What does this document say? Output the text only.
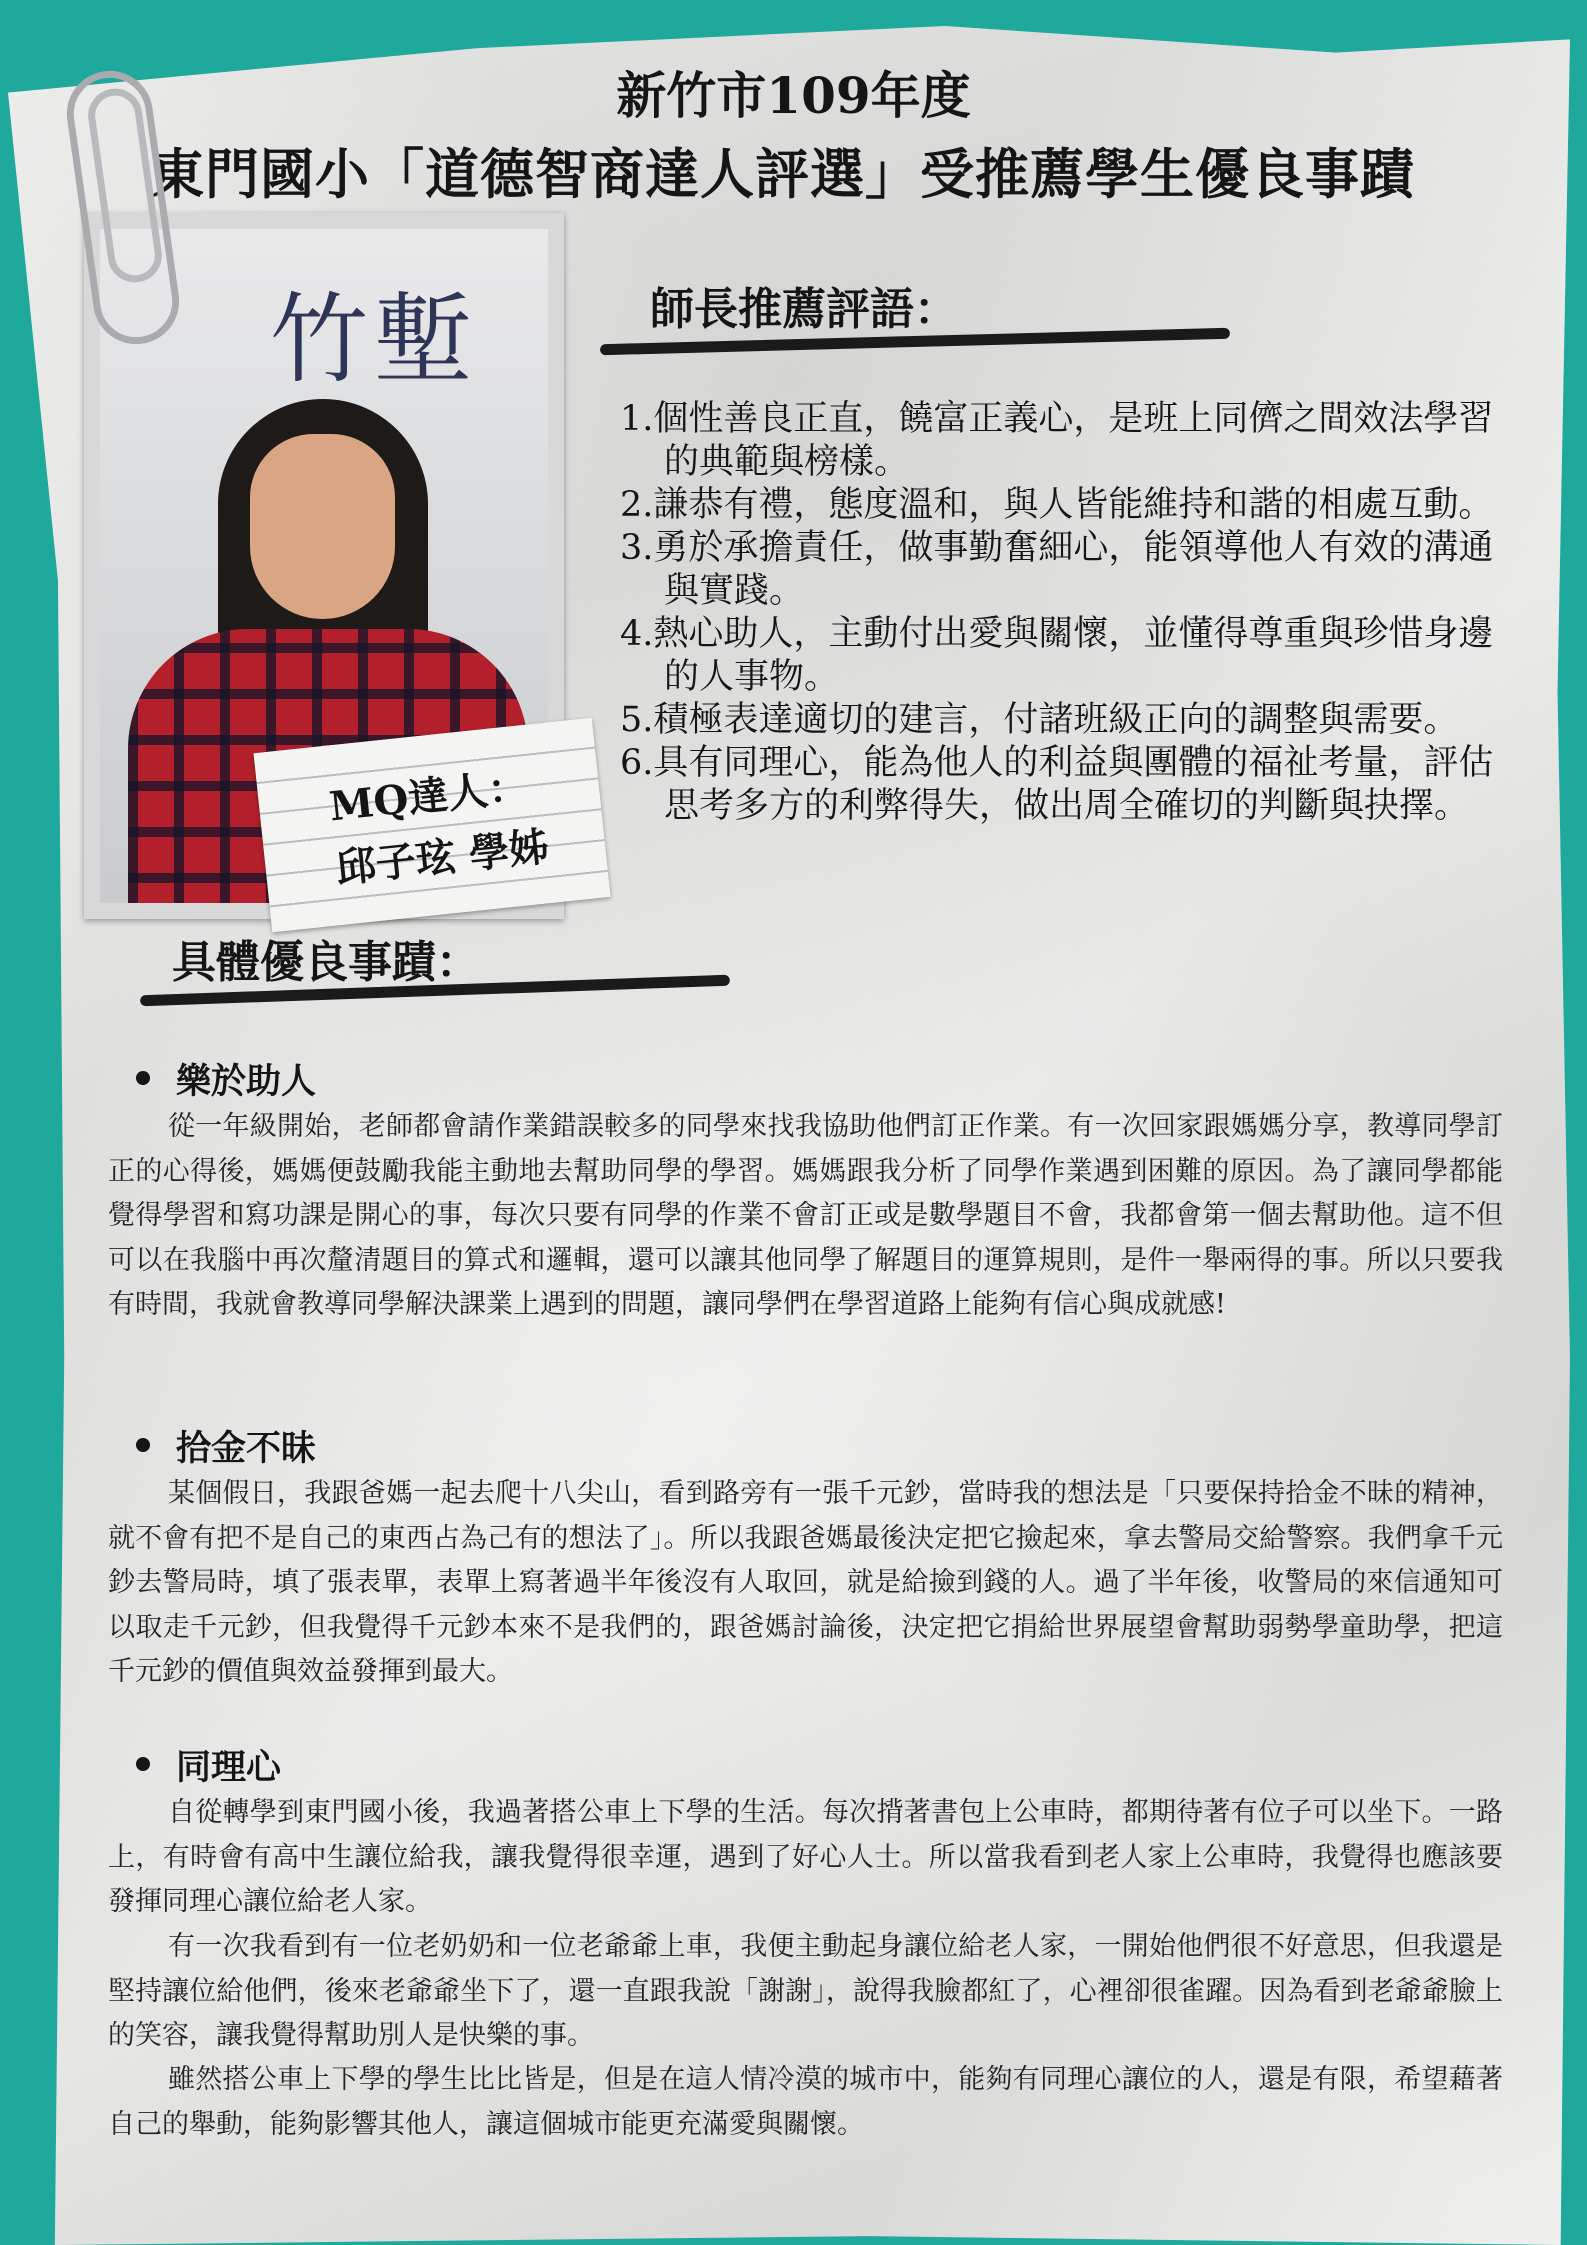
新竹市109年度
東門國小「道德智商達人評選」受推薦學生優良事蹟
竹塹
MQ達人：
邱子玹 學姊
師長推薦評語：
1.個性善良正直，饒富正義心，是班上同儕之間效法學習的典範與榜樣。
2.謙恭有禮，態度溫和，與人皆能維持和諧的相處互動。
3.勇於承擔責任，做事勤奮細心，能領導他人有效的溝通與實踐。
4.熱心助人，主動付出愛與關懷，並懂得尊重與珍惜身邊的人事物。
5.積極表達適切的建言，付諸班級正向的調整與需要。
6.具有同理心，能為他人的利益與團體的福祉考量，評估思考多方的利弊得失，做出周全確切的判斷與抉擇。
具體優良事蹟：
樂於助人

從一年級開始，老師都會請作業錯誤較多的同學來找我協助他們訂正作業。有一次回家跟媽媽分享，教導同學訂正的心得後，媽媽便鼓勵我能主動地去幫助同學的學習。媽媽跟我分析了同學作業遇到困難的原因。為了讓同學都能覺得學習和寫功課是開心的事，每次只要有同學的作業不會訂正或是數學題目不會，我都會第一個去幫助他。這不但可以在我腦中再次釐清題目的算式和邏輯，還可以讓其他同學了解題目的運算規則，是件一舉兩得的事。所以只要我有時間，我就會教導同學解決課業上遇到的問題，讓同學們在學習道路上能夠有信心與成就感!

拾金不昧

某個假日，我跟爸媽一起去爬十八尖山，看到路旁有一張千元鈔，當時我的想法是「只要保持拾金不昧的精神，就不會有把不是自己的東西占為己有的想法了」。所以我跟爸媽最後決定把它撿起來，拿去警局交給警察。我們拿千元鈔去警局時，填了張表單，表單上寫著過半年後沒有人取回，就是給撿到錢的人。過了半年後，收警局的來信通知可以取走千元鈔，但我覺得千元鈔本來不是我們的，跟爸媽討論後，決定把它捐給世界展望會幫助弱勢學童助學，把這千元鈔的價值與效益發揮到最大。

同理心

自從轉學到東門國小後，我過著搭公車上下學的生活。每次揹著書包上公車時，都期待著有位子可以坐下。一路上，有時會有高中生讓位給我，讓我覺得很幸運，遇到了好心人士。所以當我看到老人家上公車時，我覺得也應該要發揮同理心讓位給老人家。

有一次我看到有一位老奶奶和一位老爺爺上車，我便主動起身讓位給老人家，一開始他們很不好意思，但我還是堅持讓位給他們，後來老爺爺坐下了，還一直跟我說「謝謝」，說得我臉都紅了，心裡卻很雀躍。因為看到老爺爺臉上的笑容，讓我覺得幫助別人是快樂的事。

雖然搭公車上下學的學生比比皆是，但是在這人情冷漠的城市中，能夠有同理心讓位的人，還是有限，希望藉著自己的舉動，能夠影響其他人，讓這個城市能更充滿愛與關懷。
